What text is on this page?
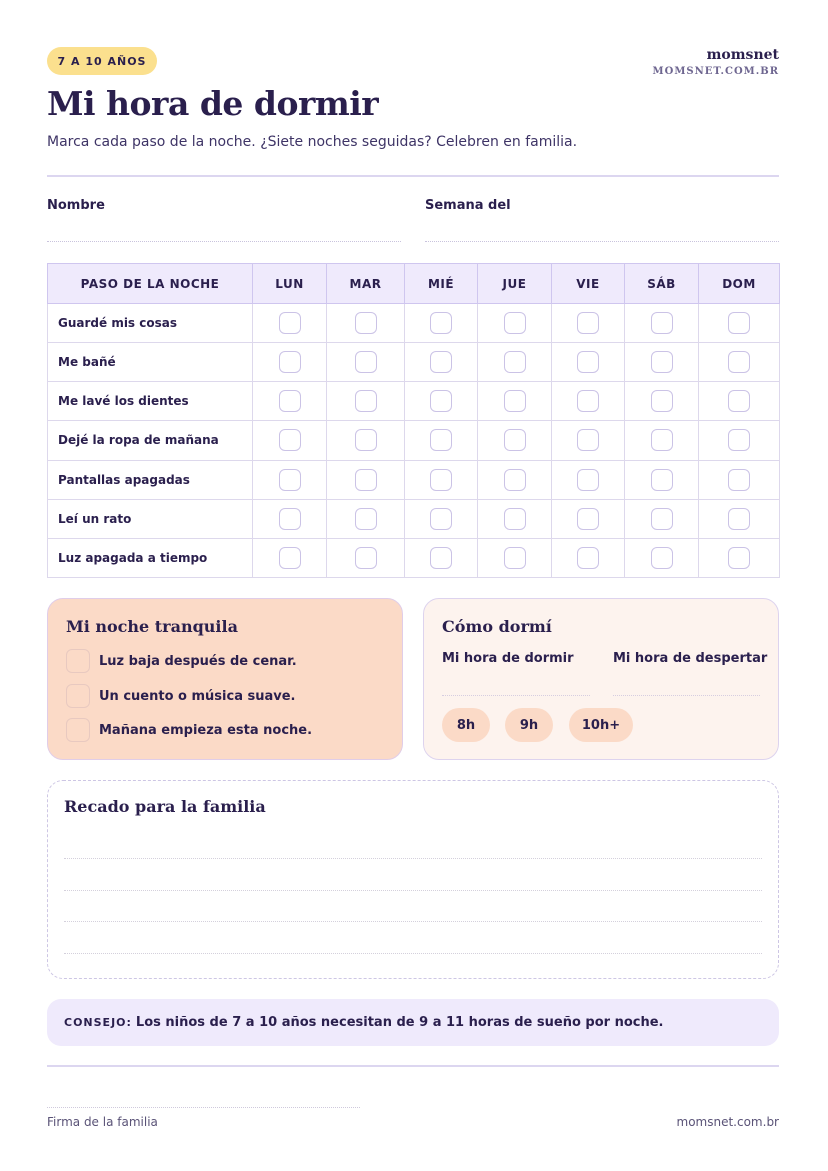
7 A 10 AÑOS	momsnet
MOMSNET.COM.BR
Mi hora de dormir

Marca cada paso de la noche. ¿Siete noches seguidas? Celebren en familia.

Nombre	Semana del
PASO DE LA NOCHE	LUN	MAR	MIÉ	JUE	VIE	SÁB	DOM
Guardé mis cosas							
Me bañé							
Me lavé los dientes							
Dejé la ropa de mañana							
Pantallas apagadas							
Leí un rato							
Luz apagada a tiempo							
Mi noche tranquila
Luz baja después de cenar.
Un cuento o música suave.
Mañana empieza esta noche.
Cómo dormí
Mi hora de dormir	Mi hora de despertar
8h	9h	10h+
Recado para la familia
CONSEJO: Los niños de 7 a 10 años necesitan de 9 a 11 horas de sueño por noche.
Firma de la familia	momsnet.com.br
